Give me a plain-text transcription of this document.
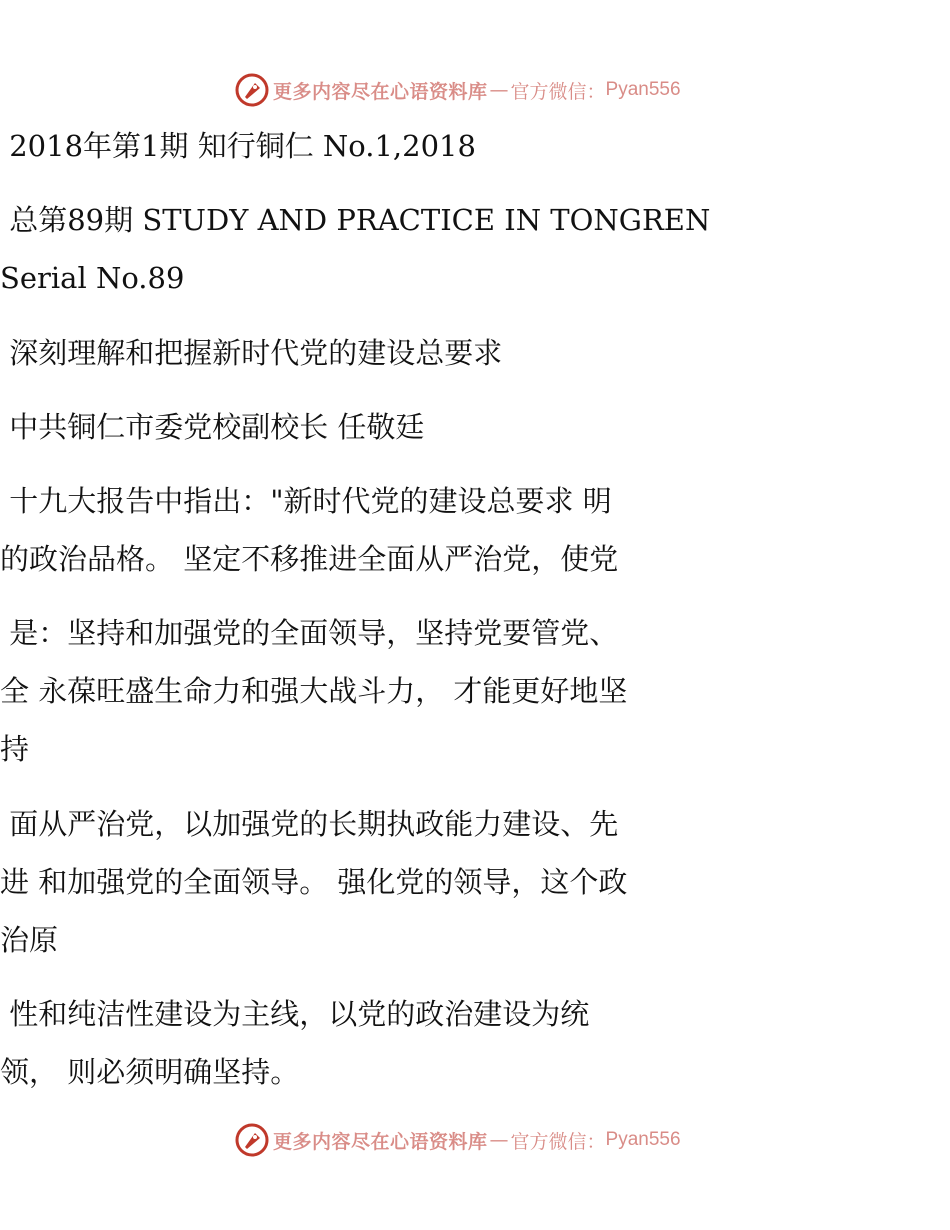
更多内容尽在心语资料库 — 官方微信： Pyan556

2018年第1期 知行铜仁 No.1,2018

总第89期 STUDY AND PRACTICE IN TONGREN

Serial No.89

深刻理解和把握新时代党的建设总要求

中共铜仁市委党校副校长 任敬廷

十九大报告中指出："新时代党的建设总要求 明

的政治品格。 坚定不移推进全面从严治党，使党

是：坚持和加强党的全面领导，坚持党要管党、

全 永葆旺盛生命力和强大战斗力， 才能更好地坚

持

面从严治党，以加强党的长期执政能力建设、先

进 和加强党的全面领导。 强化党的领导，这个政

治原

性和纯洁性建设为主线，以党的政治建设为统

领， 则必须明确坚持。

更多内容尽在心语资料库 — 官方微信： Pyan556
